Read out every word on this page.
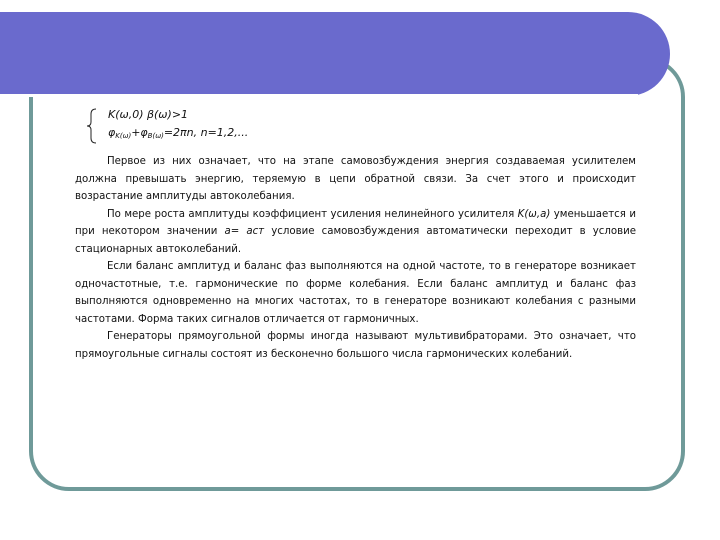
K(ω,0) β(ω)>1
$\varphi_{K(\omega)}+\varphi_{B(\omega)}=2\pi n$, n=1,2,...

Первое из них означает, что на этапе самовозбуждения энергия создаваемая усилителем должна превышать энергию, теряемую в цепи обратной связи. За счет этого и происходит возрастание амплитуды автоколебания.

По мере роста амплитуды коэффициент усиления нелинейного усилителя K(ω,a) уменьшается и при некотором значении a= аст условие самовозбуждения автоматически переходит в условие стационарных автоколебаний.

Если баланс амплитуд и баланс фаз выполняются на одной частоте, то в генераторе возникает одночастотные, т.е. гармонические по форме колебания. Если баланс амплитуд и баланс фаз выполняются одновременно на многих частотах, то в генераторе возникают колебания с разными частотами. Форма таких сигналов отличается от гармоничных.

Генераторы прямоугольной формы иногда называют мультивибраторами. Это означает, что прямоугольные сигналы состоят из бесконечно большого числа гармонических колебаний.
